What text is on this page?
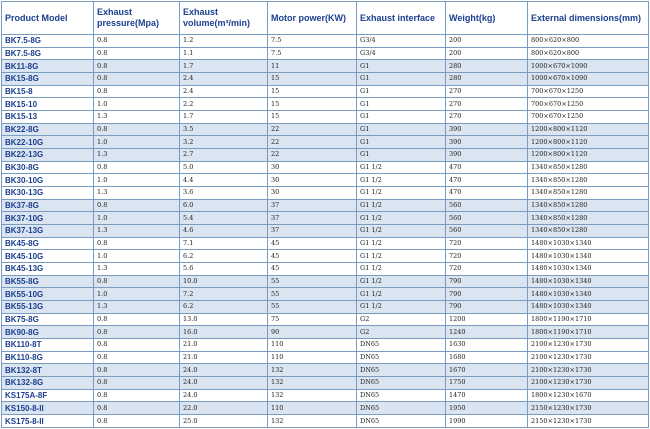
Product Model	Exhaust pressure(Mpa)	Exhaust volume(m³/min)	Motor power(KW)	Exhaust interface	Weight(kg)	External dimensions(mm)
BK7.5-8G	0.8	1.2	7.5	G3/4	200	800×620×800
BK7.5-8G	0.8	1.1	7.5	G3/4	200	800×620×800
BK11-8G	0.8	1.7	11	G1	280	1000×670×1090
BK15-8G	0.8	2.4	15	G1	280	1000×670×1090
BK15-8	0.8	2.4	15	G1	270	700×670×1250
BK15-10	1.0	2.2	15	G1	270	700×670×1250
BK15-13	1.3	1.7	15	G1	270	700×670×1250
BK22-8G	0.8	3.5	22	G1	390	1200×800×1120
BK22-10G	1.0	3.2	22	G1	390	1200×800×1120
BK22-13G	1.3	2.7	22	G1	390	1200×800×1120
BK30-8G	0.8	5.0	30	G1 1/2	470	1340×850×1280
BK30-10G	1.0	4.4	30	G1 1/2	470	1340×850×1280
BK30-13G	1.3	3.6	30	G1 1/2	470	1340×850×1280
BK37-8G	0.8	6.0	37	G1 1/2	560	1340×850×1280
BK37-10G	1.0	5.4	37	G1 1/2	560	1340×850×1280
BK37-13G	1.3	4.6	37	G1 1/2	560	1340×850×1280
BK45-8G	0.8	7.1	45	G1 1/2	720	1480×1030×1340
BK45-10G	1.0	6.2	45	G1 1/2	720	1480×1030×1340
BK45-13G	1.3	5.6	45	G1 1/2	720	1480×1030×1340
BK55-8G	0.8	10.0	55	G1 1/2	790	1480×1030×1340
BK55-10G	1.0	7.2	55	G1 1/2	790	1480×1030×1340
BK55-13G	1.3	6.2	55	G1 1/2	790	1480×1030×1340
BK75-8G	0.8	13.0	75	G2	1200	1800×1190×1710
BK90-8G	0.8	16.0	90	G2	1240	1800×1190×1710
BK110-8T	0.8	21.0	110	DN65	1630	2100×1230×1730
BK110-8G	0.8	21.0	110	DN65	1680	2100×1230×1730
BK132-8T	0.8	24.0	132	DN65	1670	2100×1230×1730
BK132-8G	0.8	24.0	132	DN65	1750	2100×1230×1730
KS175A-8F	0.8	24.0	132	DN65	1470	1800×1230×1670
KS150-8-II	0.8	22.0	110	DN65	1950	2150×1230×1730
KS175-8-II	0.8	25.0	132	DN65	1990	2150×1230×1730
